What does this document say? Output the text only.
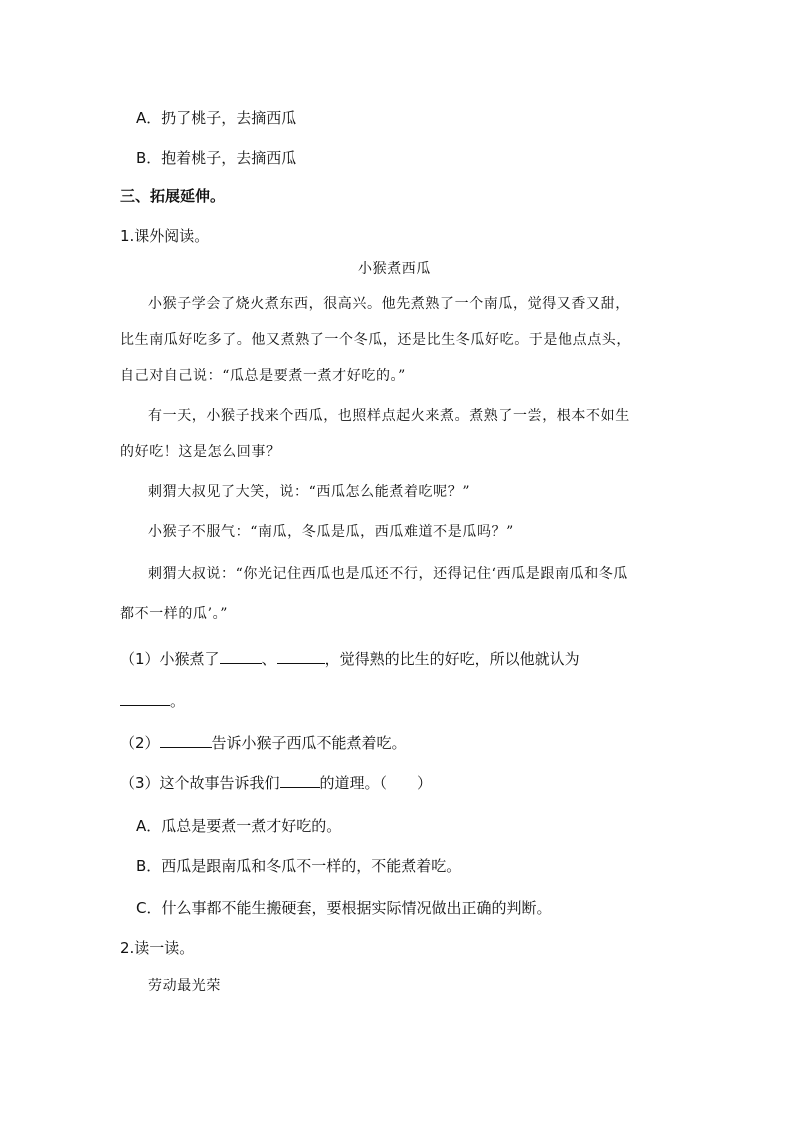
A．扔了桃子，去摘西瓜
B．抱着桃子，去摘西瓜
三、拓展延伸。
1.课外阅读。
小猴煮西瓜
小猴子学会了烧火煮东西，很高兴。他先煮熟了一个南瓜，觉得又香又甜，
比生南瓜好吃多了。他又煮熟了一个冬瓜，还是比生冬瓜好吃。于是他点点头，
自己对自己说：“瓜总是要煮一煮才好吃的。”
有一天，小猴子找来个西瓜，也照样点起火来煮。煮熟了一尝，根本不如生
的好吃！这是怎么回事？
刺猬大叔见了大笑，说：“西瓜怎么能煮着吃呢？”
小猴子不服气：“南瓜，冬瓜是瓜，西瓜难道不是瓜吗？”
刺猬大叔说：“你光记住西瓜也是瓜还不行，还得记住‘西瓜是跟南瓜和冬瓜
都不一样的瓜’。”
（1）小猴煮了	、	，觉得熟的比生的好吃，所以他就认为
。
（2）	告诉小猴子西瓜不能煮着吃。
（3）这个故事告诉我们	的道理。（　　）
A．瓜总是要煮一煮才好吃的。
B．西瓜是跟南瓜和冬瓜不一样的，不能煮着吃。
C．什么事都不能生搬硬套，要根据实际情况做出正确的判断。
2.读一读。
劳动最光荣
